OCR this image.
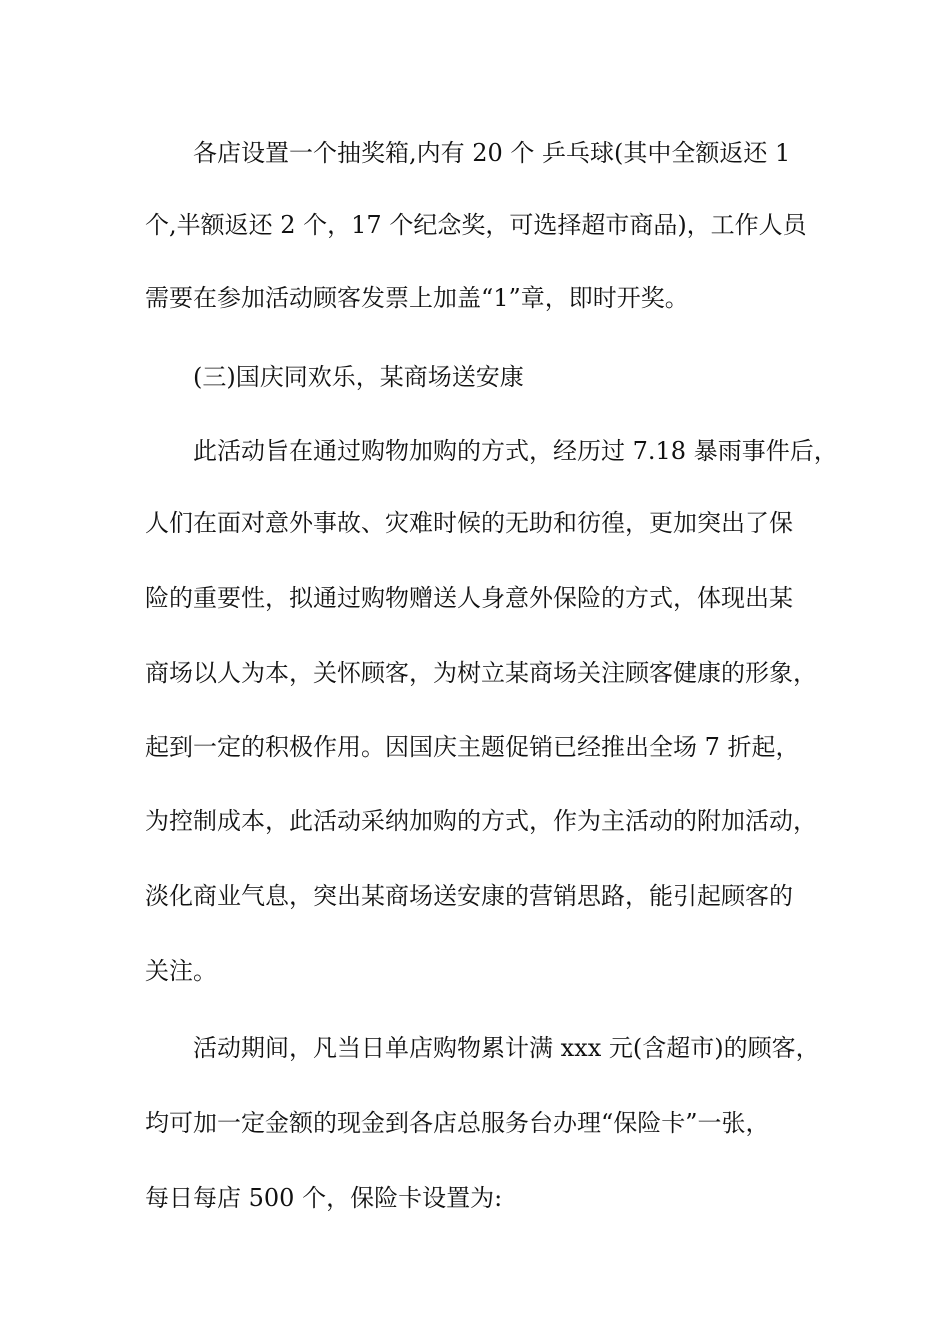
各店设置一个抽奖箱,内有 20 个 乒乓球(其中全额返还 1
个,半额返还 2 个，17 个纪念奖，可选择超市商品)，工作人员
需要在参加活动顾客发票上加盖“1”章，即时开奖。
(三)国庆同欢乐，某商场送安康
此活动旨在通过购物加购的方式，经历过 7.18 暴雨事件后，
人们在面对意外事故、灾难时候的无助和彷徨，更加突出了保
险的重要性，拟通过购物赠送人身意外保险的方式，体现出某
商场以人为本，关怀顾客，为树立某商场关注顾客健康的形象，
起到一定的积极作用。因国庆主题促销已经推出全场 7 折起，
为控制成本，此活动采纳加购的方式，作为主活动的附加活动，
淡化商业气息，突出某商场送安康的营销思路，能引起顾客的
关注。
活动期间，凡当日单店购物累计满 xxx 元(含超市)的顾客，
均可加一定金额的现金到各店总服务台办理“保险卡”一张，
每日每店 500 个，保险卡设置为:
